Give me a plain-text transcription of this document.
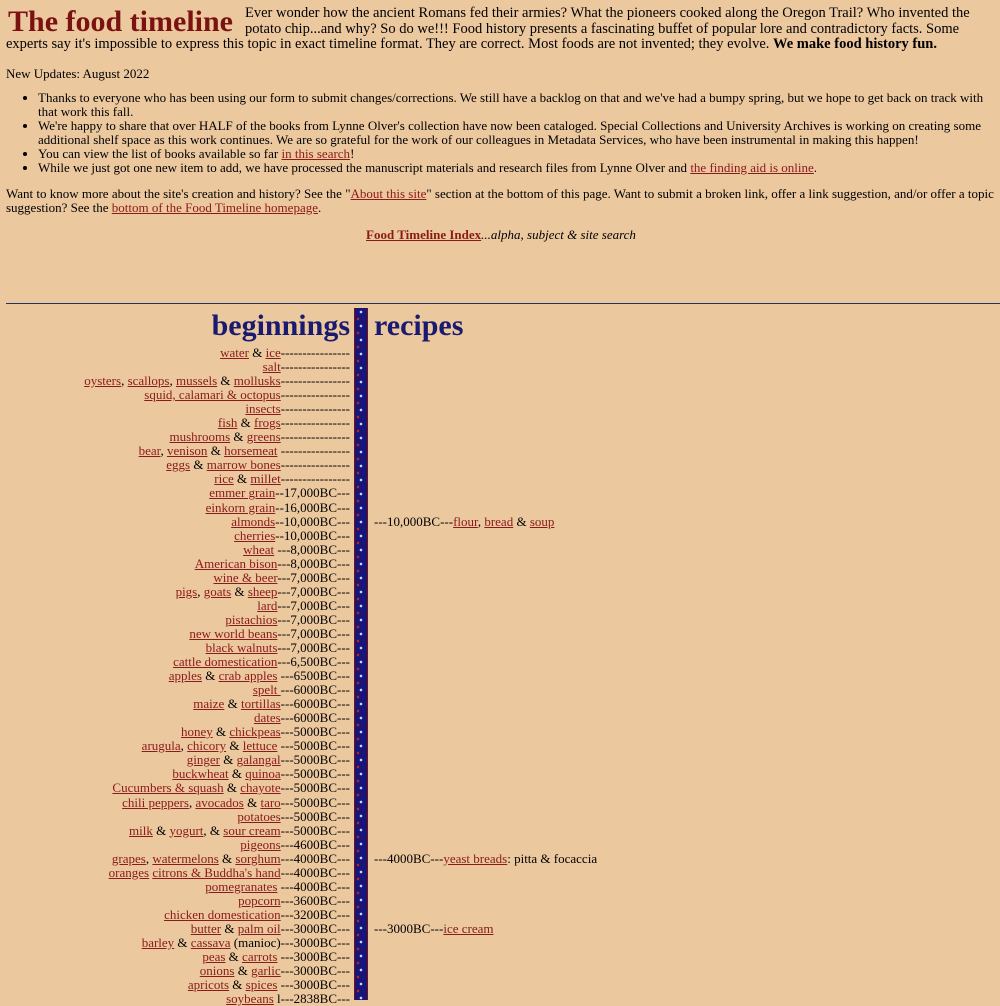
The food timeline Ever wonder how the ancient Romans fed their armies? What the pioneers cooked along the Oregon Trail? Who invented the potato chip...and why? So do we!!! Food history presents a fascinating buffet of popular lore and contradictory facts. Some experts say it's impossible to express this topic in exact timeline format. They are correct. Most foods are not invented; they evolve. We make food history fun.

New Updates: August 2022

• Thanks to everyone who has been using our form to submit changes/corrections. We still have a backlog on that and we've had a bumpy spring, but we hope to get back on track with that work this fall.
• We're happy to share that over HALF of the books from Lynne Olver's collection have now been cataloged. Special Collections and University Archives is working on creating some additional shelf space as this work continues. We are so grateful for the work of our colleagues in Metadata Services, who have been instrumental in making this happen!
• You can view the list of books available so far in this search!
• While we just got one new item to add, we have processed the manuscript materials and research files from Lynne Olver and the finding aid is online.

Want to know more about the site's creation and history? See the "About this site" section at the bottom of this page. Want to submit a broken link, offer a link suggestion, and/or offer a topic suggestion? See the bottom of the Food Timeline homepage.

Food Timeline Index...alpha, subject & site search

beginnings
water & ice----------------
salt----------------
oysters, scallops, mussels & mollusks----------------
squid, calamari & octopus----------------
insects----------------
fish & frogs----------------
mushrooms & greens----------------
bear, venison & horsemeat ----------------
eggs & marrow bones----------------
rice & millet----------------
emmer grain--17,000BC---
einkorn grain--16,000BC---
almonds--10,000BC---
cherries--10,000BC---
wheat ---8,000BC---
American bison---8,000BC---
wine & beer---7,000BC---
pigs, goats & sheep---7,000BC---
lard---7,000BC---
pistachios---7,000BC---
new world beans---7,000BC---
black walnuts---7,000BC---
cattle domestication---6,500BC---
apples & crab apples ---6500BC---
spelt ---6000BC---
maize & tortillas---6000BC---
dates---6000BC---
honey & chickpeas---5000BC---
arugula, chicory & lettuce ---5000BC---
ginger & galangal---5000BC---
buckwheat & quinoa---5000BC---
Cucumbers & squash & chayote---5000BC---
chili peppers, avocados & taro---5000BC---
potatoes---5000BC---
milk & yogurt, & sour cream---5000BC---
pigeons---4600BC---
grapes, watermelons & sorghum---4000BC---
oranges citrons & Buddha's hand---4000BC---
pomegranates ---4000BC---
popcorn---3600BC---
chicken domestication---3200BC---
butter & palm oil---3000BC---
barley & cassava (manioc)---3000BC---
peas & carrots ---3000BC---
onions & garlic---3000BC---
apricots & spices ---3000BC---
soybeans l---2838BC---
recipes
---10,000BC---flour, bread & soup
---4000BC---yeast breads: pitta & focaccia
---3000BC---ice cream
